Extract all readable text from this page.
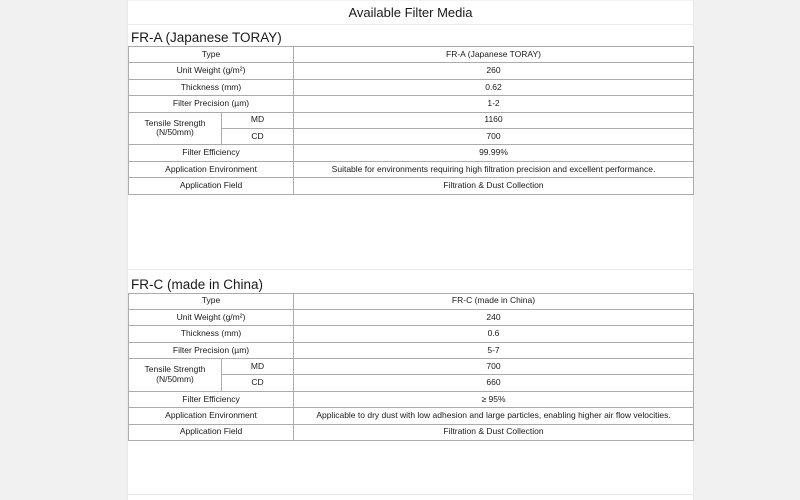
Available Filter Media
FR-A (Japanese TORAY)
Type		FR-A (Japanese TORAY)
Unit Weight (g/m²)		260
Thickness (mm)		0.62
Filter Precision (µm)		1-2
Tensile Strength (N/50mm)	MD	1160
	CD	700
Filter Efficiency		99.99%
Application Environment		Suitable for environments requiring high filtration precision and excellent performance.
Application Field		Filtration & Dust Collection
FR-C (made in China)
Type		FR-C (made in China)
Unit Weight (g/m²)		240
Thickness (mm)		0.6
Filter Precision (µm)		5-7
Tensile Strength (N/50mm)	MD	700
	CD	660
Filter Efficiency		≥ 95%
Application Environment		Applicable to dry dust with low adhesion and large particles, enabling higher air flow velocities.
Application Field		Filtration & Dust Collection
